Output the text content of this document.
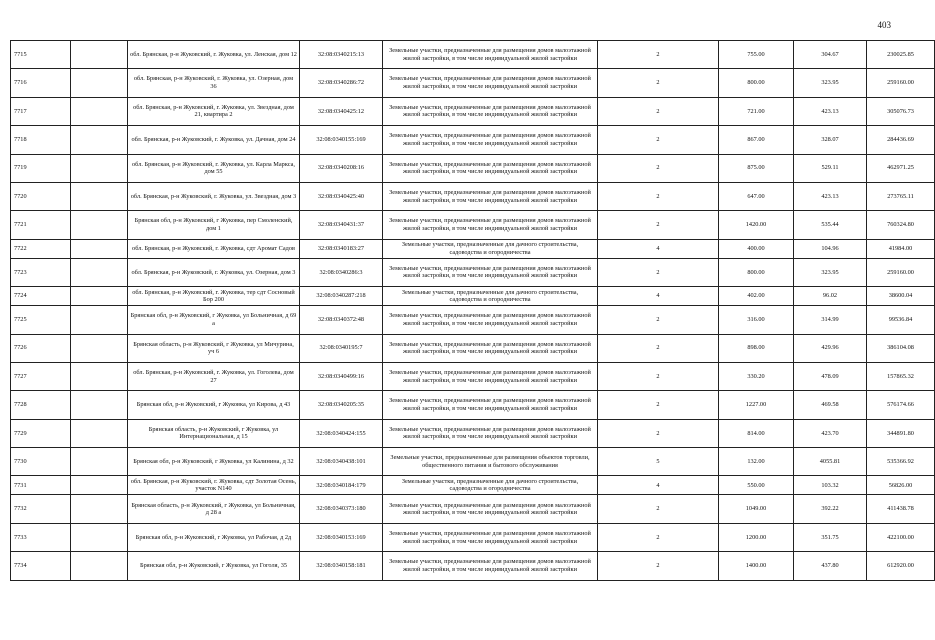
403
7715		обл. Брянская, р-н Жуковский, г. Жуковка, ул. Ленская, дом 12	32:08:0340215:13	Земельные участки, предназначенные для размещения домов малоэтажной жилой застройки, в том числе индивидуальной жилой застройки	2	755.00	304.67	230025.85
7716		обл. Брянская, р-н Жуковский, г. Жуковка, ул. Озерная, дом 36	32:08:0340286:72	Земельные участки, предназначенные для размещения домов малоэтажной жилой застройки, в том числе индивидуальной жилой застройки	2	800.00	323.95	259160.00
7717		обл. Брянская, р-н Жуковский, г. Жуковка, ул. Звездная, дом 21, квартира 2	32:08:0340425:12	Земельные участки, предназначенные для размещения домов малоэтажной жилой застройки, в том числе индивидуальной жилой застройки	2	721.00	423.13	305076.73
7718		обл. Брянская, р-н Жуковский, г. Жуковка, ул. Дачная, дом 24	32:08:0340155:169	Земельные участки, предназначенные для размещения домов малоэтажной жилой застройки, в том числе индивидуальной жилой застройки	2	867.00	328.07	284436.69
7719		обл. Брянская, р-н Жуковский, г. Жуковка, ул. Карла Маркса, дом 55	32:08:0340208:16	Земельные участки, предназначенные для размещения домов малоэтажной жилой застройки, в том числе индивидуальной жилой застройки	2	875.00	529.11	462971.25
7720		обл. Брянская, р-н Жуковский, г. Жуковка, ул. Звездная, дом 3	32:08:0340425:40	Земельные участки, предназначенные для размещения домов малоэтажной жилой застройки, в том числе индивидуальной жилой застройки	2	647.00	423.13	273765.11
7721		Брянская обл, р-н Жуковский, г Жуковка, пер Смоленский, дом 1	32:08:0340431:37	Земельные участки, предназначенные для размещения домов малоэтажной жилой застройки, в том числе индивидуальной жилой застройки	2	1420.00	535.44	760324.80
7722		обл. Брянская, р-н Жуковский, г. Жуковка, сдт Аромат Садов	32:08:0340183:27	Земельные участки, предназначенные для дачного строительства, садоводства и огородничества	4	400.00	104.96	41984.00
7723		обл. Брянская, р-н Жуковский, г. Жуковка, ул. Озерная, дом 3	32:08:0340286:3	Земельные участки, предназначенные для размещения домов малоэтажной жилой застройки, в том числе индивидуальной жилой застройки	2	800.00	323.95	259160.00
7724		обл. Брянская, р-н Жуковский, г. Жуковка, тер сдт Сосновый Бор 200	32:08:0340287:218	Земельные участки, предназначенные для дачного строительства, садоводства и огородничества	4	402.00	96.02	38600.04
7725		Брянская обл, р-н Жуковский, г Жуковка, ул Больничная, д 69 а	32:08:0340372:48	Земельные участки, предназначенные для размещения домов малоэтажной жилой застройки, в том числе индивидуальной жилой застройки	2	316.00	314.99	99536.84
7726		Брянская область, р-н Жуковский, г Жуковка, ул Мичурина, уч 6	32:08:0340195:7	Земельные участки, предназначенные для размещения домов малоэтажной жилой застройки, в том числе индивидуальной жилой застройки	2	898.00	429.96	386104.08
7727		обл. Брянская, р-н Жуковский, г. Жуковка, ул. Гоголева, дом 27	32:08:0340499:16	Земельные участки, предназначенные для размещения домов малоэтажной жилой застройки, в том числе индивидуальной жилой застройки	2	330.20	478.09	157865.32
7728		Брянская обл, р-н Жуковский, г Жуковка, ул Кирова, д 43	32:08:0340205:35	Земельные участки, предназначенные для размещения домов малоэтажной жилой застройки, в том числе индивидуальной жилой застройки	2	1227.00	469.58	576174.66
7729		Брянская область, р-н Жуковский, г Жуковка, ул Интернациональная, д 15	32:08:0340424:155	Земельные участки, предназначенные для размещения домов малоэтажной жилой застройки, в том числе индивидуальной жилой застройки	2	814.00	423.70	344891.80
7730		Брянская обл, р-н Жуковский, г Жуковка, ул Калинина, д 32	32:08:0340438:101	Земельные участки, предназначенные для размещения объектов торговли, общественного питания и бытового обслуживания	5	132.00	4055.81	535366.92
7731		обл. Брянская, р-н Жуковский, г. Жуковка, сдт Золотая Осень, участок N140	32:08:0340184:179	Земельные участки, предназначенные для дачного строительства, садоводства и огородничества	4	550.00	103.32	56826.00
7732		Брянская область, р-н Жуковский, г Жуковка, ул Больничная, д 28 а	32:08:0340373:180	Земельные участки, предназначенные для размещения домов малоэтажной жилой застройки, в том числе индивидуальной жилой застройки	2	1049.00	392.22	411438.78
7733		Брянская обл, р-н Жуковский, г Жуковка, ул Рабочая, д 2д	32:08:0340153:169	Земельные участки, предназначенные для размещения домов малоэтажной жилой застройки, в том числе индивидуальной жилой застройки	2	1200.00	351.75	422100.00
7734		Брянская обл, р-н Жуковский, г Жуковка, ул Гоголя, 35	32:08:0340158:181	Земельные участки, предназначенные для размещения домов малоэтажной жилой застройки, в том числе индивидуальной жилой застройки	2	1400.00	437.80	612920.00
